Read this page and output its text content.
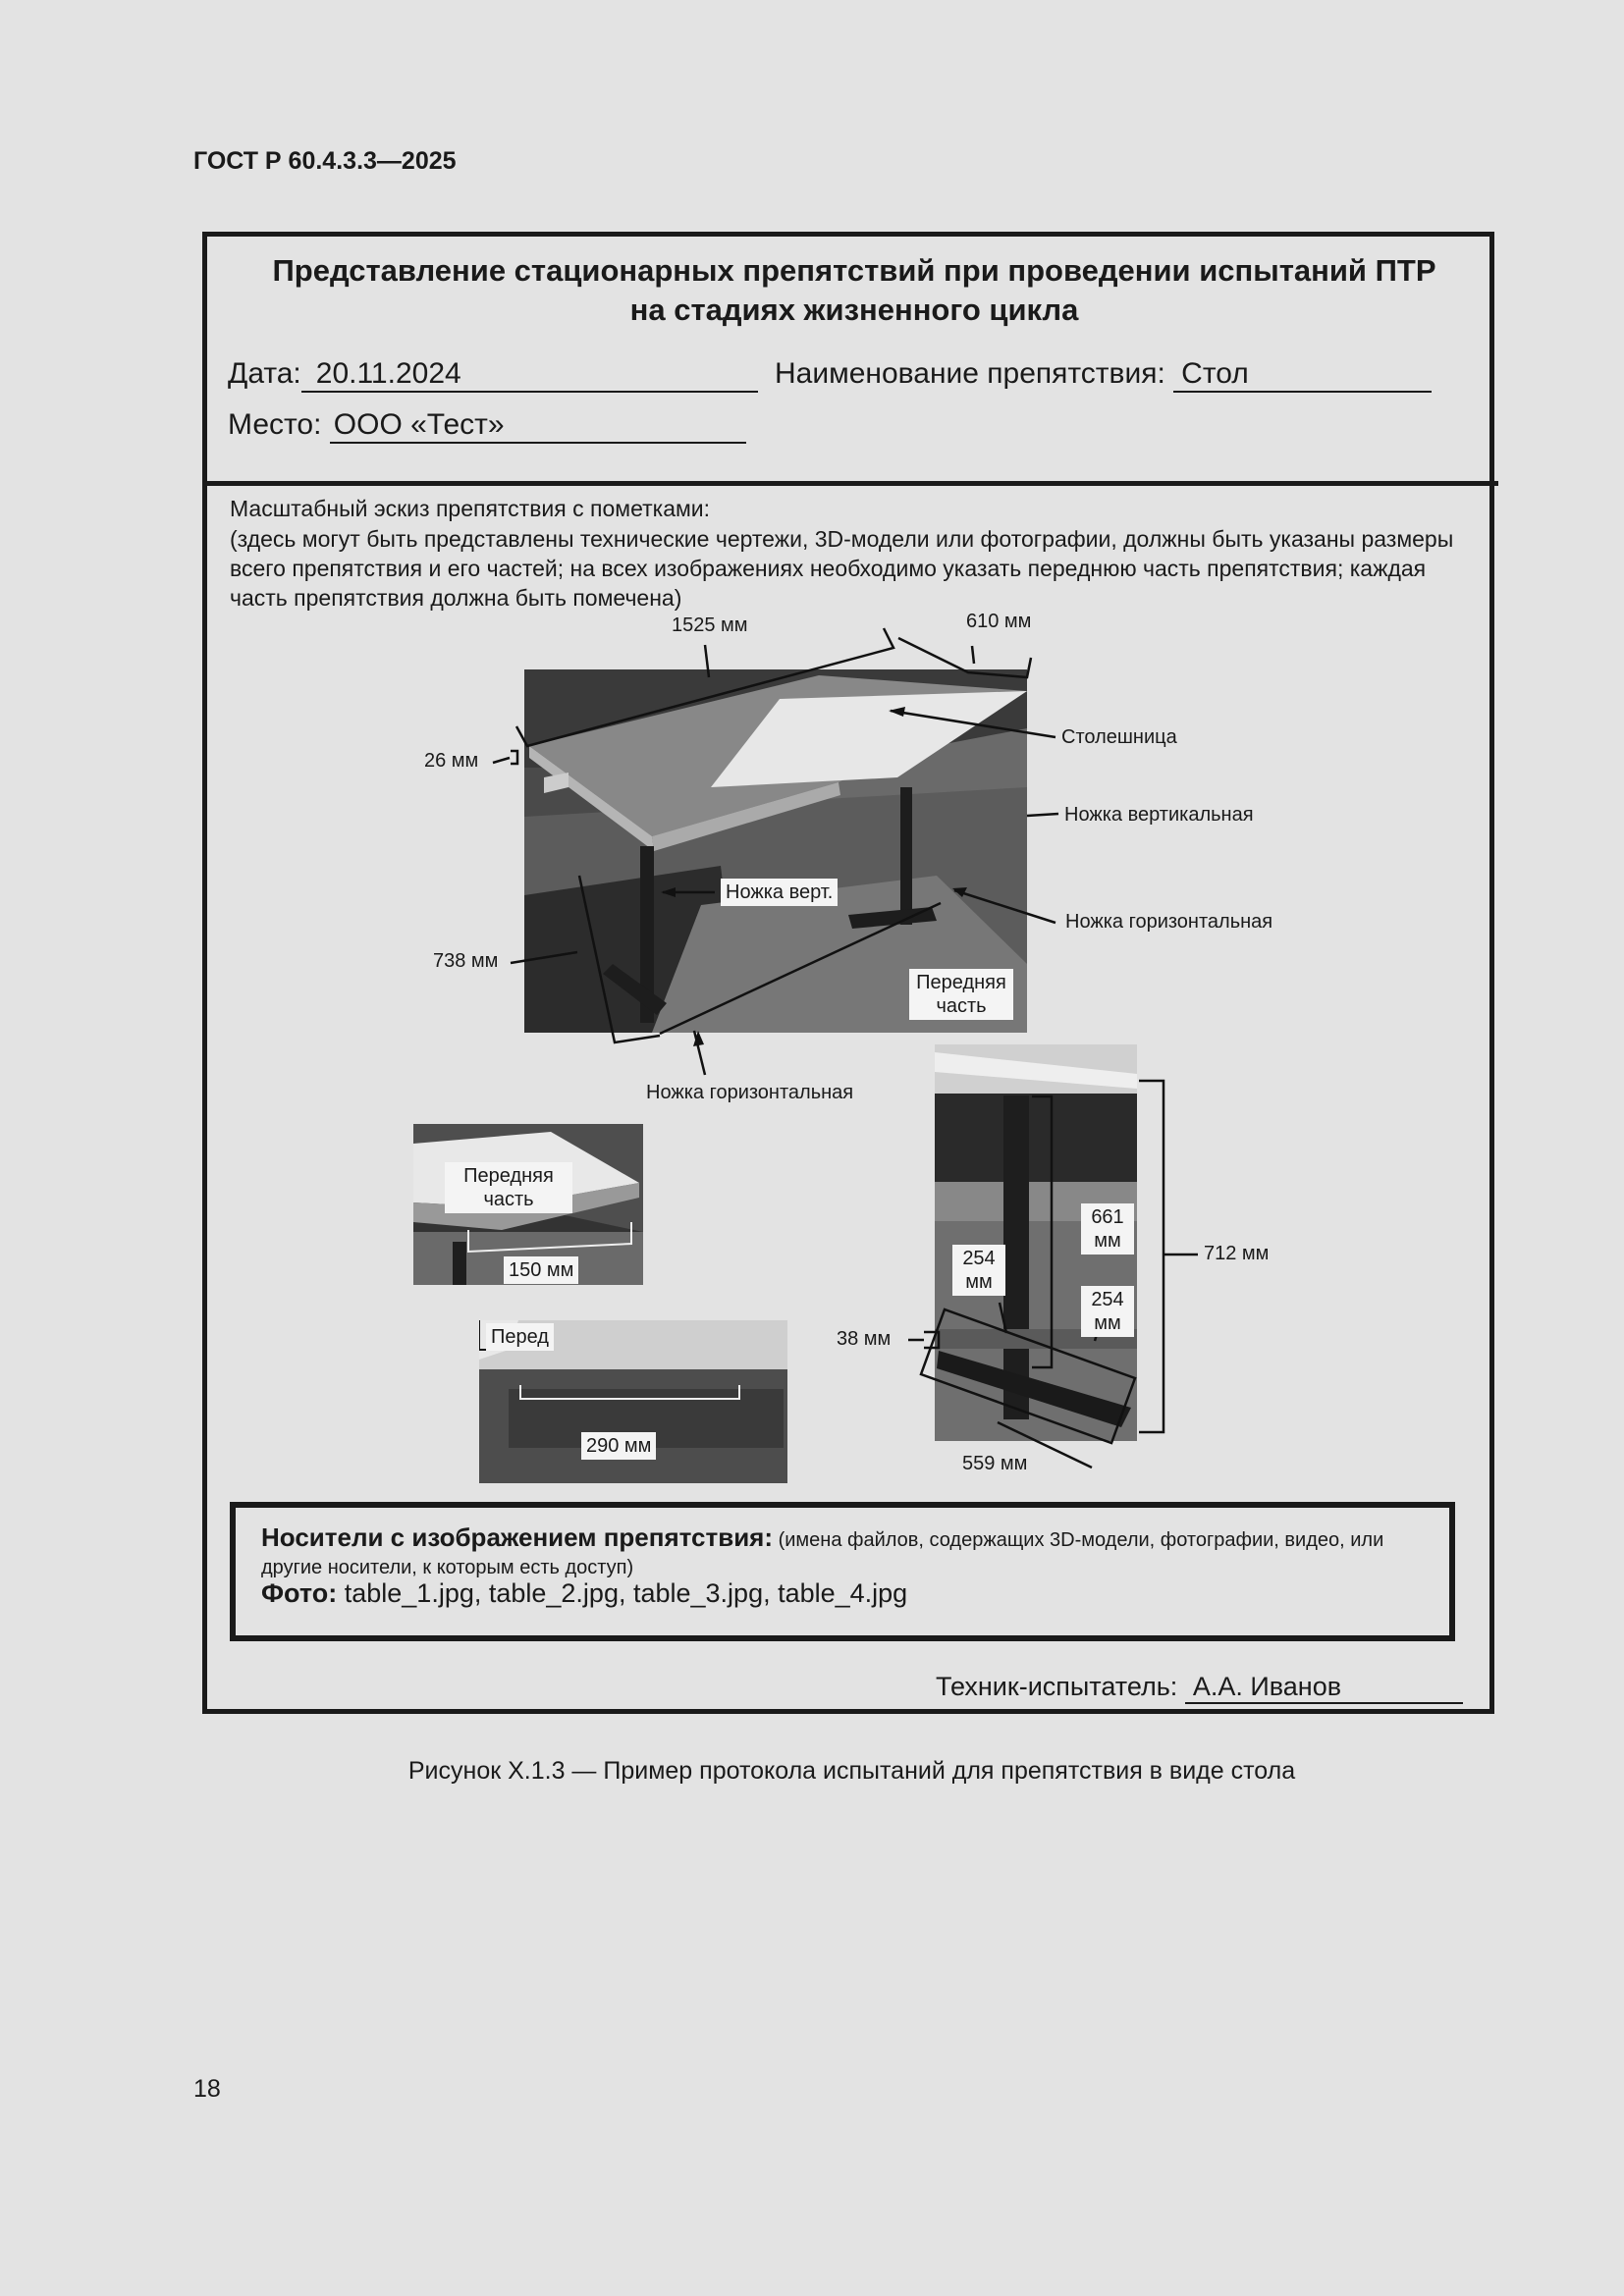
ГОСТ Р 60.4.3.3—2025
Представление стационарных препятствий при проведении испытаний ПТР
на стадиях жизненного цикла
Дата: 20.11.2024	Наименование препятствия: Стол
Место: ООО «Тест»
Масштабный эскиз препятствия с пометками:
(здесь могут быть представлены технические чертежи, 3D-модели или фотографии, должны быть указаны размеры всего препятствия и его частей; на всех изображениях необходимо указать переднюю часть препятствия; каждая часть препятствия должна быть помечена)
1525 мм	610 мм
26 мм
738 мм
Столешница
Ножка вертикальная
Ножка верт.
Ножка горизонтальная
Ножка горизонтальная
Передняя часть
Передняя часть
150 мм
Перед
290 мм
661 мм
712 мм
254 мм
254 мм
38 мм
559 мм
Носители с изображением препятствия: (имена файлов, содержащих 3D-модели, фотографии, видео, или другие носители, к которым есть доступ)
Фото: table_1.jpg, table_2.jpg, table_3.jpg, table_4.jpg
Техник-испытатель: А.А. Иванов
Рисунок X.1.3 — Пример протокола испытаний для препятствия в виде стола
18
